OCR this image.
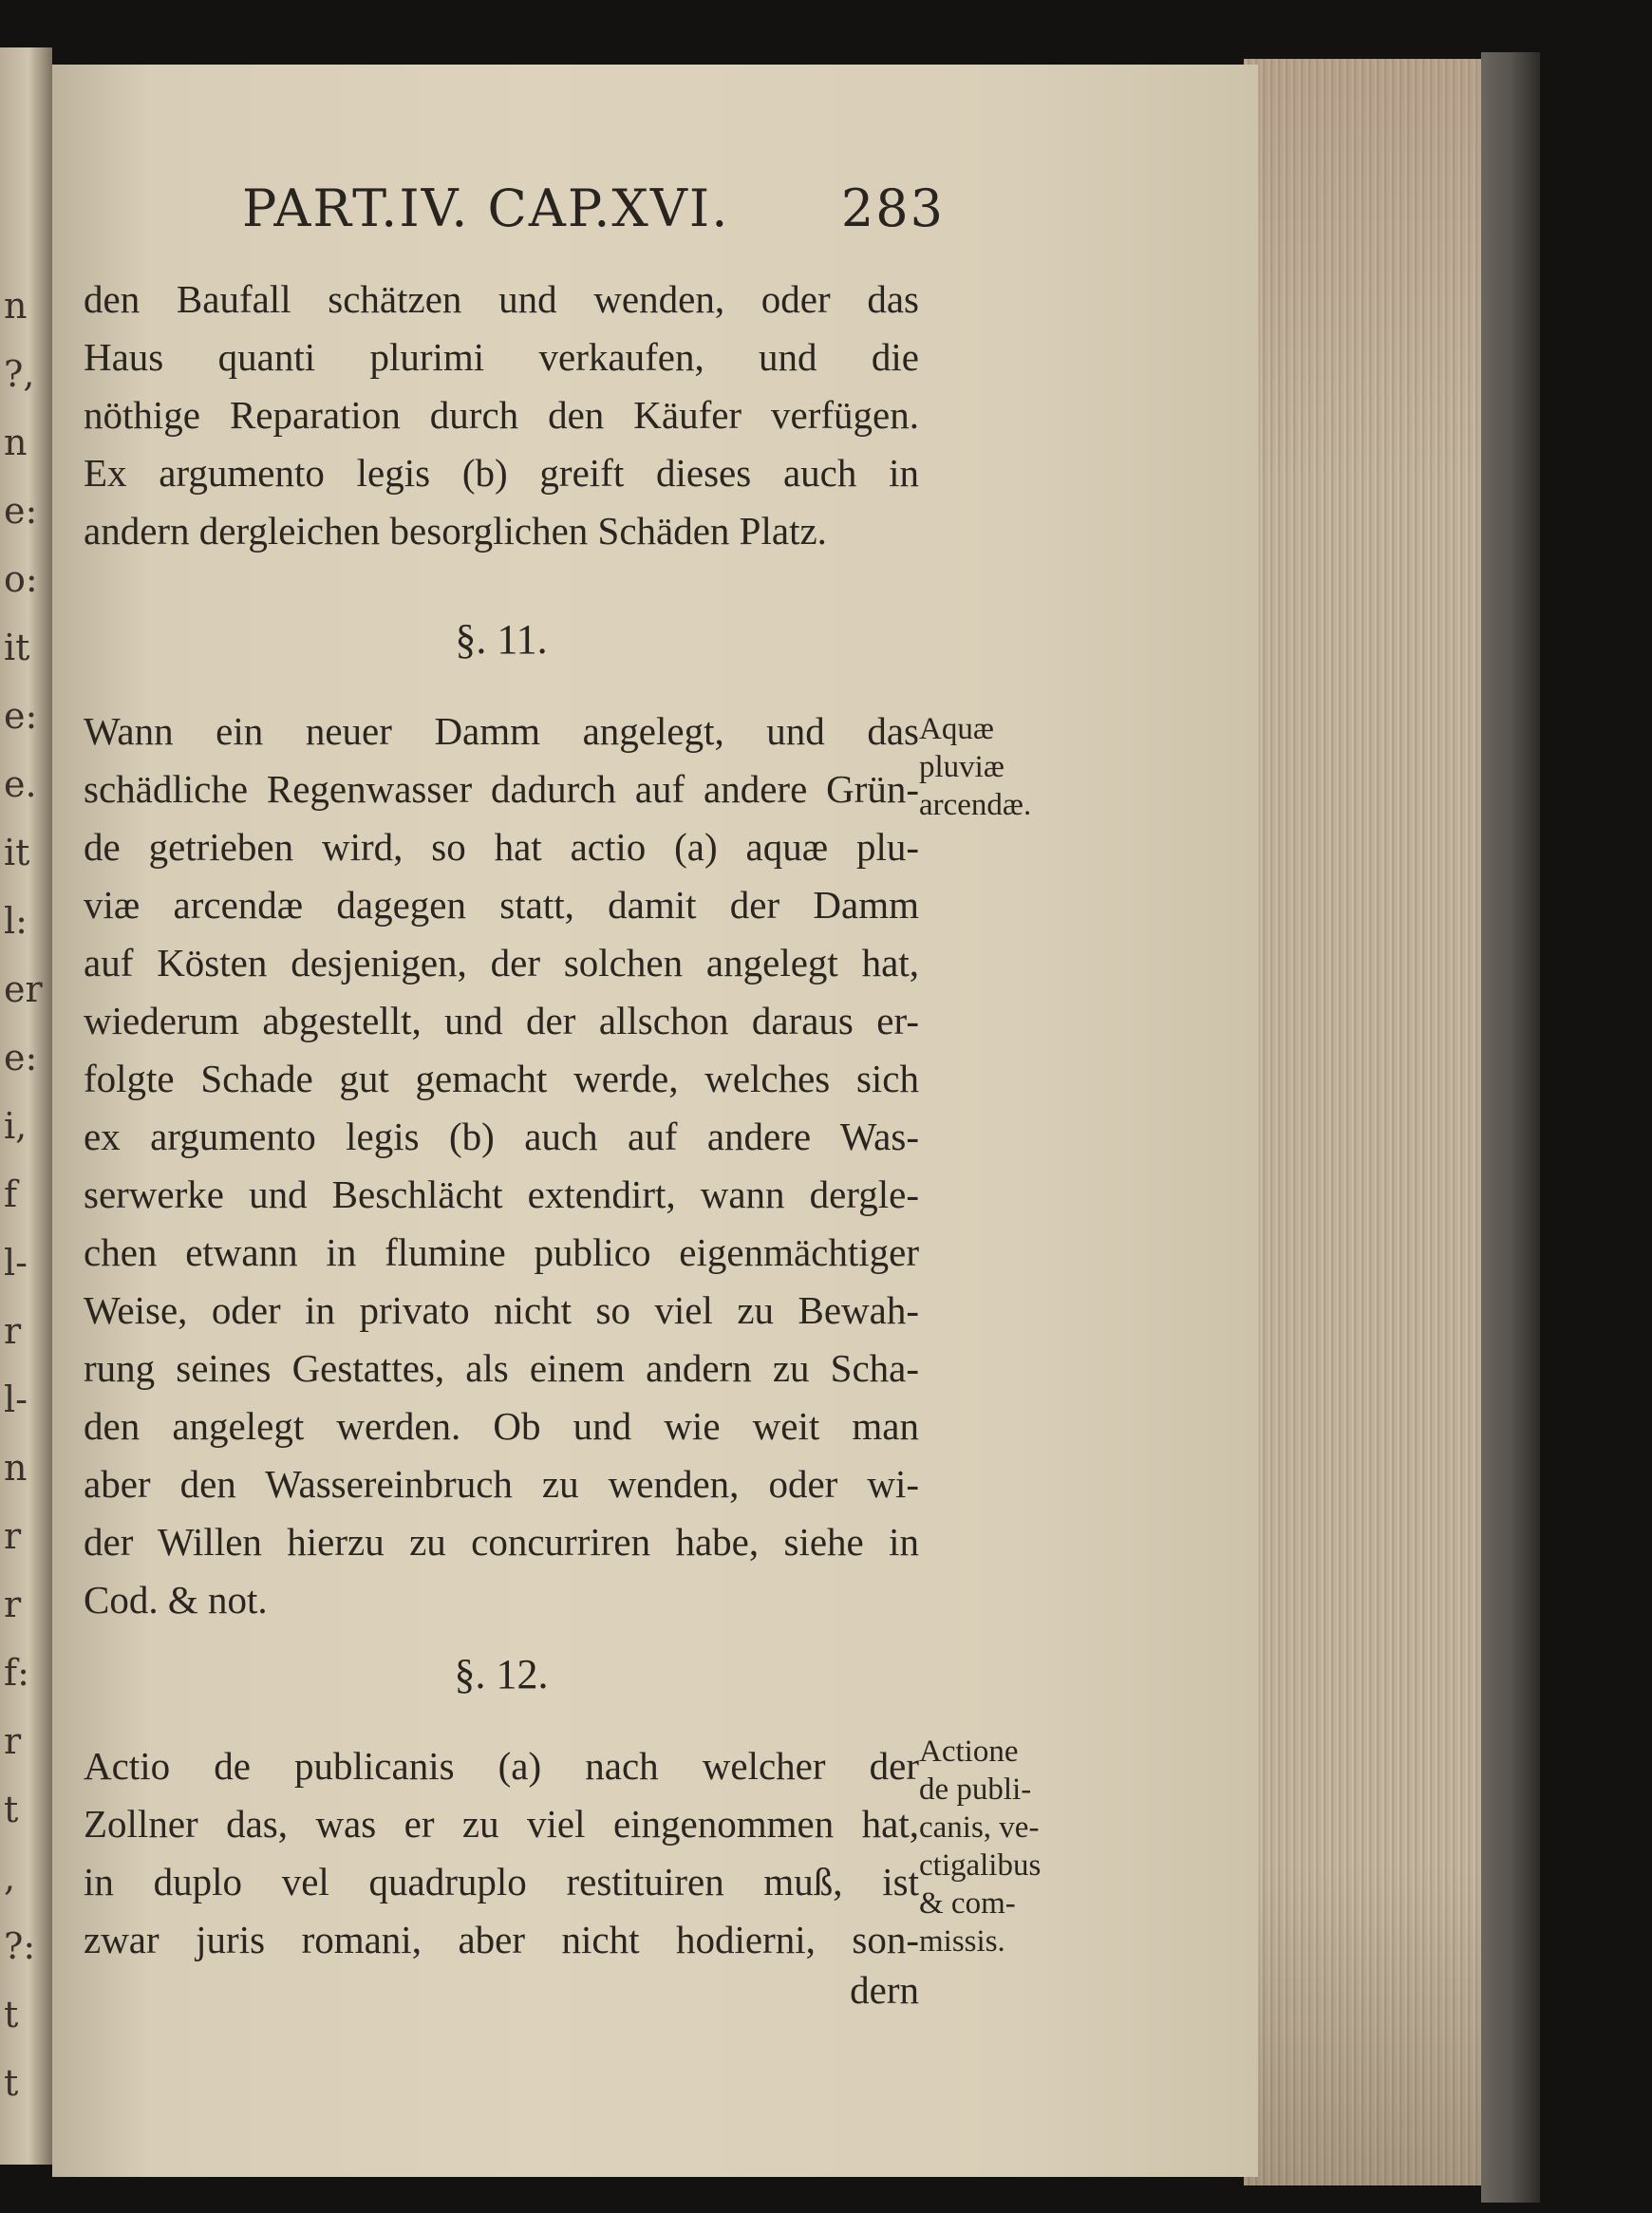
n
?,
n
e:
o:
it
e:
e.
it
l:
er
e:
i,
f
l-
r
l-
n
r
r
f:
r
t
,
?:
t
t
PART.IV. CAP.XVI. 283
den Baufall schätzen und wenden, oder das
Haus quanti plurimi verkaufen, und die
nöthige Reparation durch den Käufer verfügen.
Ex argumento legis (b) greift dieses auch in
andern dergleichen besorglichen Schäden Platz.
§. 11.
Wann ein neuer Damm angelegt, und das
schädliche Regenwasser dadurch auf andere Grün-
de getrieben wird, so hat actio (a) aquæ plu-
viæ arcendæ dagegen statt, damit der Damm
auf Kösten desjenigen, der solchen angelegt hat,
wiederum abgestellt, und der allschon daraus er-
folgte Schade gut gemacht werde, welches sich
ex argumento legis (b) auch auf andere Was-
serwerke und Beschlächt extendirt, wann dergle-
chen etwann in flumine publico eigenmächtiger
Weise, oder in privato nicht so viel zu Bewah-
rung seines Gestattes, als einem andern zu Scha-
den angelegt werden. Ob und wie weit man
aber den Wassereinbruch zu wenden, oder wi-
der Willen hierzu zu concurriren habe, siehe in
Cod. & not.
Aquæ
pluviæ
arcendæ.
§. 12.
Actio de publicanis (a) nach welcher der
Zollner das, was er zu viel eingenommen hat,
in duplo vel quadruplo restituiren muß, ist
zwar juris romani, aber nicht hodierni, son-
Actione
de publi-
canis, ve-
ctigalibus
& com-
missis.
dern
